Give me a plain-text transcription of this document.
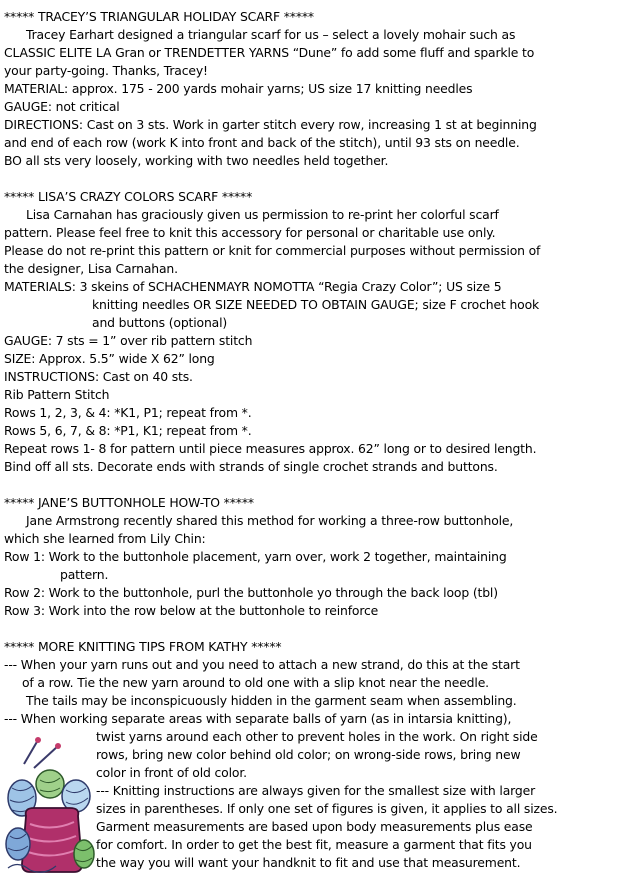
***** TRACEY’S TRIANGULAR HOLIDAY SCARF *****
Tracey Earhart designed a triangular scarf for us – select a lovely mohair such as
CLASSIC ELITE LA Gran or TRENDETTER YARNS “Dune” fo add some fluff and sparkle to
your party-going. Thanks, Tracey!
MATERIAL: approx. 175 - 200 yards mohair yarns; US size 17 knitting needles
GAUGE: not critical
DIRECTIONS: Cast on 3 sts. Work in garter stitch every row, increasing 1 st at beginning
and end of each row (work K into front and back of the stitch), until 93 sts on needle.
BO all sts very loosely, working with two needles held together.
***** LISA’S CRAZY COLORS SCARF *****
Lisa Carnahan has graciously given us permission to re-print her colorful scarf
pattern. Please feel free to knit this accessory for personal or charitable use only.
Please do not re-print this pattern or knit for commercial purposes without permission of
the designer, Lisa Carnahan.
MATERIALS: 3 skeins of SCHACHENMAYR NOMOTTA “Regia Crazy Color”; US size 5
knitting needles OR SIZE NEEDED TO OBTAIN GAUGE; size F crochet hook
and buttons (optional)
GAUGE: 7 sts = 1” over rib pattern stitch
SIZE: Approx. 5.5” wide X 62” long
INSTRUCTIONS: Cast on 40 sts.
Rib Pattern Stitch
Rows 1, 2, 3, & 4: *K1, P1; repeat from *.
Rows 5, 6, 7, & 8: *P1, K1; repeat from *.
Repeat rows 1- 8 for pattern until piece measures approx. 62” long or to desired length.
Bind off all sts. Decorate ends with strands of single crochet strands and buttons.
***** JANE’S BUTTONHOLE HOW-TO *****
Jane Armstrong recently shared this method for working a three-row buttonhole,
which she learned from Lily Chin:
Row 1: Work to the buttonhole placement, yarn over, work 2 together, maintaining
pattern.
Row 2: Work to the buttonhole, purl the buttonhole yo through the back loop (tbl)
Row 3: Work into the row below at the buttonhole to reinforce
***** MORE KNITTING TIPS FROM KATHY *****
--- When your yarn runs out and you need to attach a new strand, do this at the start
of a row. Tie the new yarn around to old one with a slip knot near the needle.
The tails may be inconspicuously hidden in the garment seam when assembling.
--- When working separate areas with separate balls of yarn (as in intarsia knitting),
twist yarns around each other to prevent holes in the work. On right side
rows, bring new color behind old color; on wrong-side rows, bring new
color in front of old color.
--- Knitting instructions are always given for the smallest size with larger
sizes in parentheses. If only one set of figures is given, it applies to all sizes.
Garment measurements are based upon body measurements plus ease
for comfort. In order to get the best fit, measure a garment that fits you
the way you will want your handknit to fit and use that measurement.
